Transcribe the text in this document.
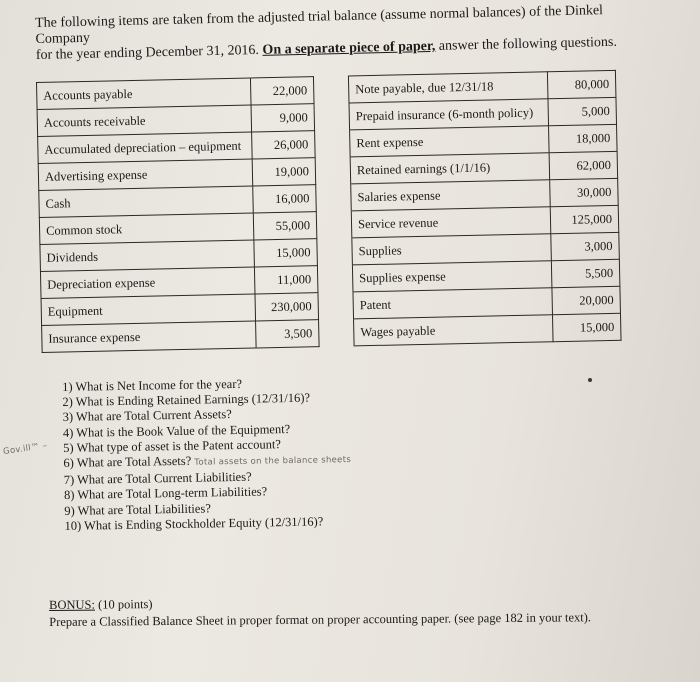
The following items are taken from the adjusted trial balance (assume normal balances) of the Dinkel Company
for the year ending December 31, 2016. On a separate piece of paper, answer the following questions.
Accounts payable	22,000		Note payable, due 12/31/18	80,000
Accounts receivable	9,000		Prepaid insurance (6-month policy)	5,000
Accumulated depreciation – equipment	26,000		Rent expense	18,000
Advertising expense	19,000		Retained earnings (1/1/16)	62,000
Cash	16,000		Salaries expense	30,000
Common stock	55,000		Service revenue	125,000
Dividends	15,000		Supplies	3,000
Depreciation expense	11,000		Supplies expense	5,500
Equipment	230,000		Patent	20,000
Insurance expense	3,500		Wages payable	15,000
Gov.ill™ –
1) What is Net Income for the year?
2) What is Ending Retained Earnings (12/31/16)?
3) What are Total Current Assets?
4) What is the Book Value of the Equipment?
5) What type of asset is the Patent account?
6) What are Total Assets? Total assets on the balance sheets
7) What are Total Current Liabilities?
8) What are Total Long-term Liabilities?
9) What are Total Liabilities?
10) What is Ending Stockholder Equity (12/31/16)?
BONUS: (10 points)
Prepare a Classified Balance Sheet in proper format on proper accounting paper. (see page 182 in your text).
